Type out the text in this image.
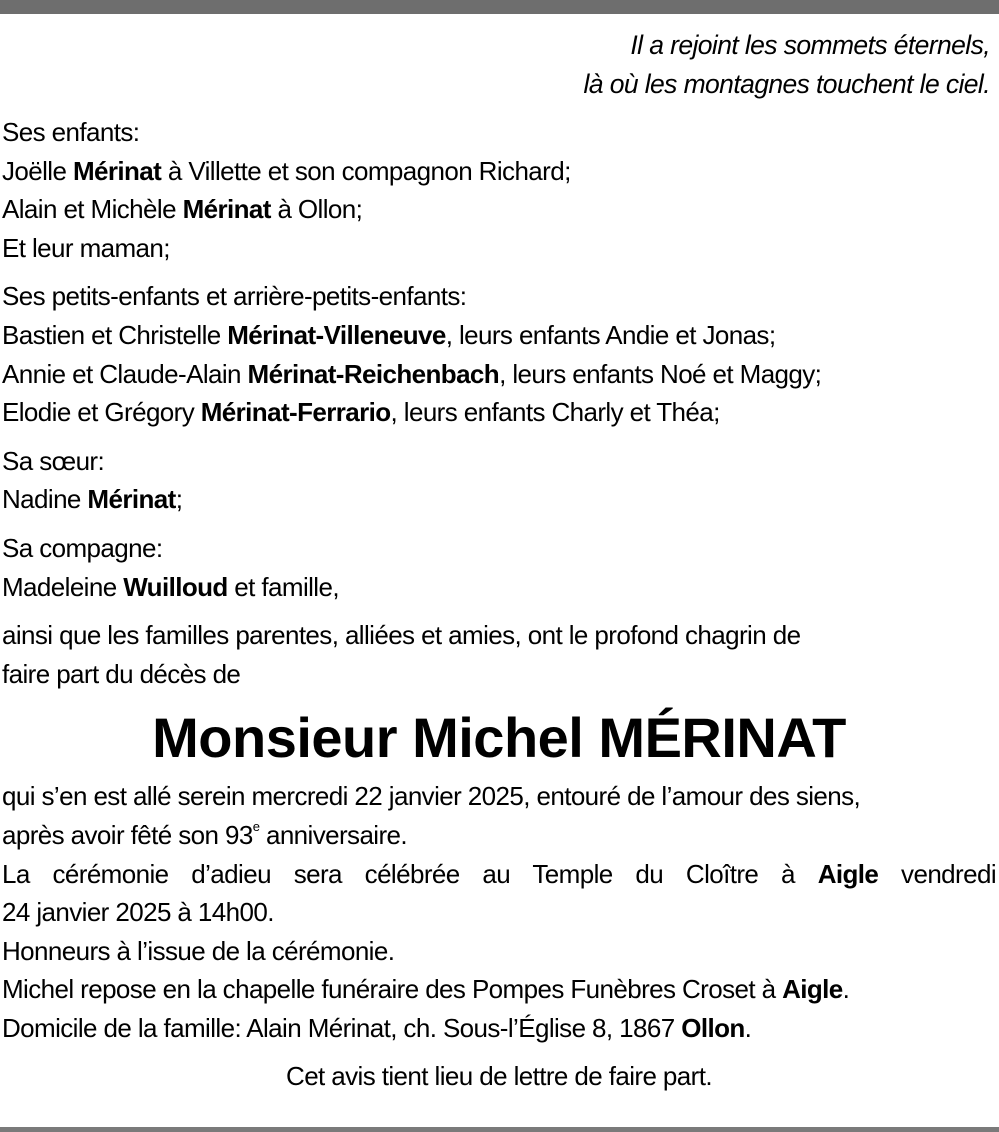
Il a rejoint les sommets éternels,
là où les montagnes touchent le ciel.
Ses enfants:
Joëlle Mérinat à Villette et son compagnon Richard;
Alain et Michèle Mérinat à Ollon;
Et leur maman;
Ses petits-enfants et arrière-petits-enfants:
Bastien et Christelle Mérinat-Villeneuve, leurs enfants Andie et Jonas;
Annie et Claude-Alain Mérinat-Reichenbach, leurs enfants Noé et Maggy;
Elodie et Grégory Mérinat-Ferrario, leurs enfants Charly et Théa;
Sa sœur:
Nadine Mérinat;
Sa compagne:
Madeleine Wuilloud et famille,
ainsi que les familles parentes, alliées et amies, ont le profond chagrin de
faire part du décès de
Monsieur Michel MÉRINAT
qui s’en est allé serein mercredi 22 janvier 2025, entouré de l’amour des siens,
après avoir fêté son 93e anniversaire.
La cérémonie d’adieu sera célébrée au Temple du Cloître à Aigle vendredi
24 janvier 2025 à 14h00.
Honneurs à l’issue de la cérémonie.
Michel repose en la chapelle funéraire des Pompes Funèbres Croset à Aigle.
Domicile de la famille: Alain Mérinat, ch. Sous-l’Église 8, 1867 Ollon.
Cet avis tient lieu de lettre de faire part.
